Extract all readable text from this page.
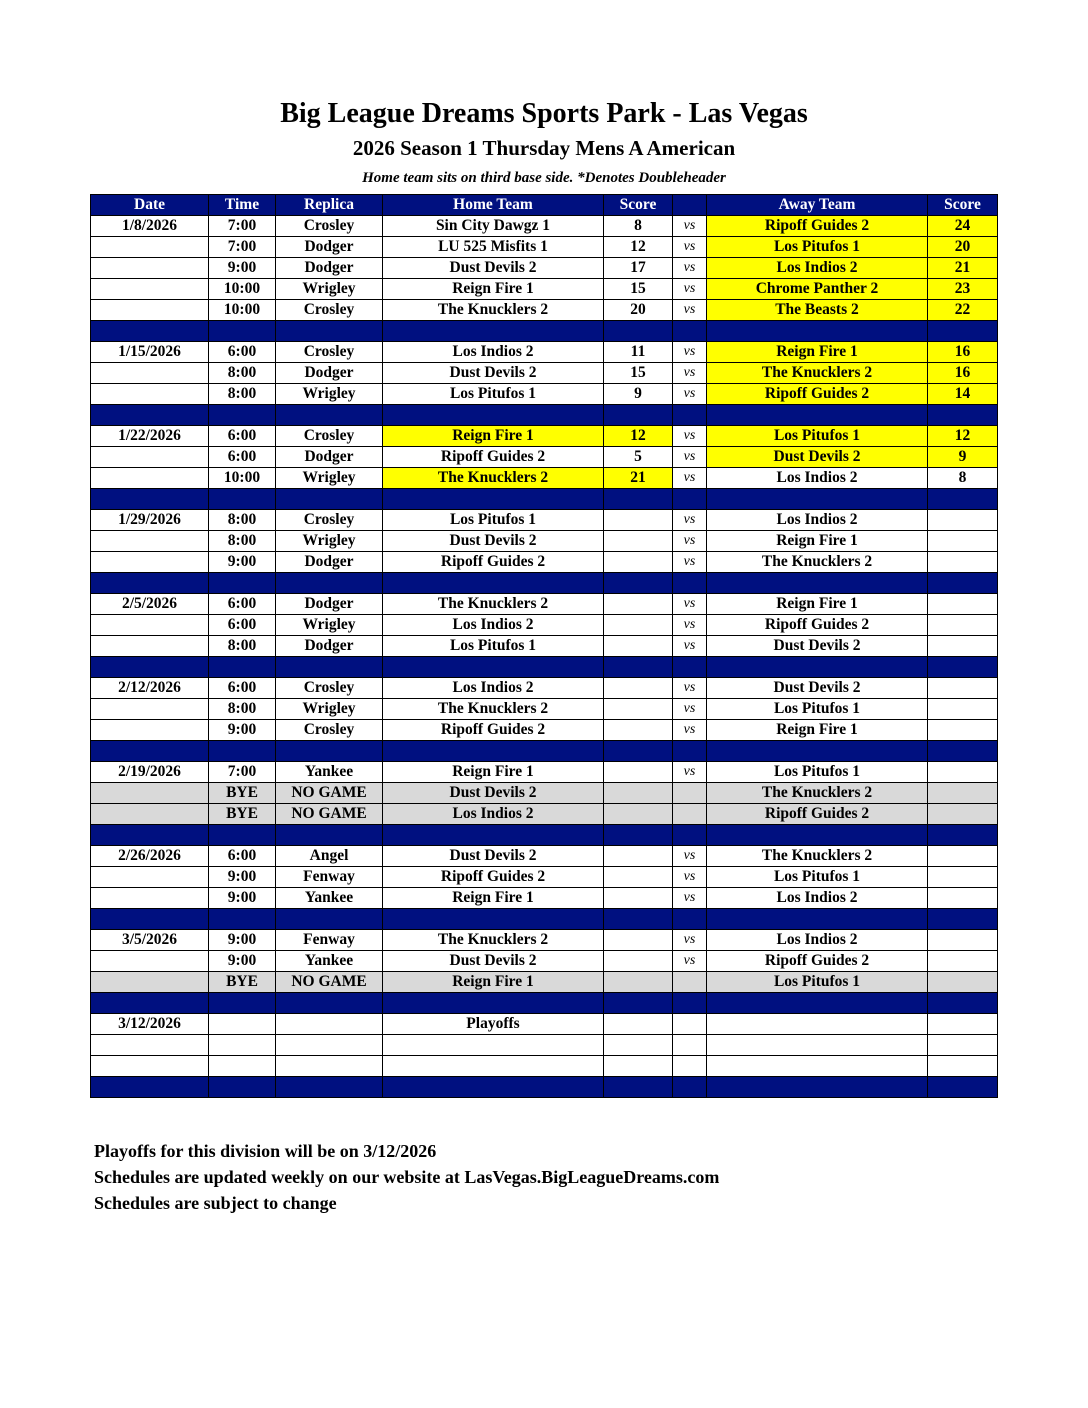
Big League Dreams Sports Park - Las Vegas
2026 Season 1 Thursday Mens A American
Home team sits on third base side. *Denotes Doubleheader
Date	Time	Replica	Home Team	Score		Away Team	Score
1/8/2026	7:00	Crosley	Sin City Dawgz 1	8	vs	Ripoff Guides 2	24
	7:00	Dodger	LU 525 Misfits 1	12	vs	Los Pitufos 1	20
	9:00	Dodger	Dust Devils 2	17	vs	Los Indios 2	21
	10:00	Wrigley	Reign Fire 1	15	vs	Chrome Panther 2	23
	10:00	Crosley	The Knucklers 2	20	vs	The Beasts 2	22

1/15/2026	6:00	Crosley	Los Indios 2	11	vs	Reign Fire 1	16
	8:00	Dodger	Dust Devils 2	15	vs	The Knucklers 2	16
	8:00	Wrigley	Los Pitufos 1	9	vs	Ripoff Guides 2	14

1/22/2026	6:00	Crosley	Reign Fire 1	12	vs	Los Pitufos 1	12
	6:00	Dodger	Ripoff Guides 2	5	vs	Dust Devils 2	9
	10:00	Wrigley	The Knucklers 2	21	vs	Los Indios 2	8

1/29/2026	8:00	Crosley	Los Pitufos 1		vs	Los Indios 2	
	8:00	Wrigley	Dust Devils 2		vs	Reign Fire 1	
	9:00	Dodger	Ripoff Guides 2		vs	The Knucklers 2	

2/5/2026	6:00	Dodger	The Knucklers 2		vs	Reign Fire 1	
	6:00	Wrigley	Los Indios 2		vs	Ripoff Guides 2	
	8:00	Dodger	Los Pitufos 1		vs	Dust Devils 2	

2/12/2026	6:00	Crosley	Los Indios 2		vs	Dust Devils 2	
	8:00	Wrigley	The Knucklers 2		vs	Los Pitufos 1	
	9:00	Crosley	Ripoff Guides 2		vs	Reign Fire 1	

2/19/2026	7:00	Yankee	Reign Fire 1		vs	Los Pitufos 1	
	BYE	NO GAME	Dust Devils 2			The Knucklers 2	
	BYE	NO GAME	Los Indios 2			Ripoff Guides 2	

2/26/2026	6:00	Angel	Dust Devils 2		vs	The Knucklers 2	
	9:00	Fenway	Ripoff Guides 2		vs	Los Pitufos 1	
	9:00	Yankee	Reign Fire 1		vs	Los Indios 2	

3/5/2026	9:00	Fenway	The Knucklers 2		vs	Los Indios 2	
	9:00	Yankee	Dust Devils 2		vs	Ripoff Guides 2	
	BYE	NO GAME	Reign Fire 1			Los Pitufos 1	

3/12/2026			Playoffs				

Playoffs for this division will be on 3/12/2026
Schedules are updated weekly on our website at LasVegas.BigLeagueDreams.com
Schedules are subject to change
